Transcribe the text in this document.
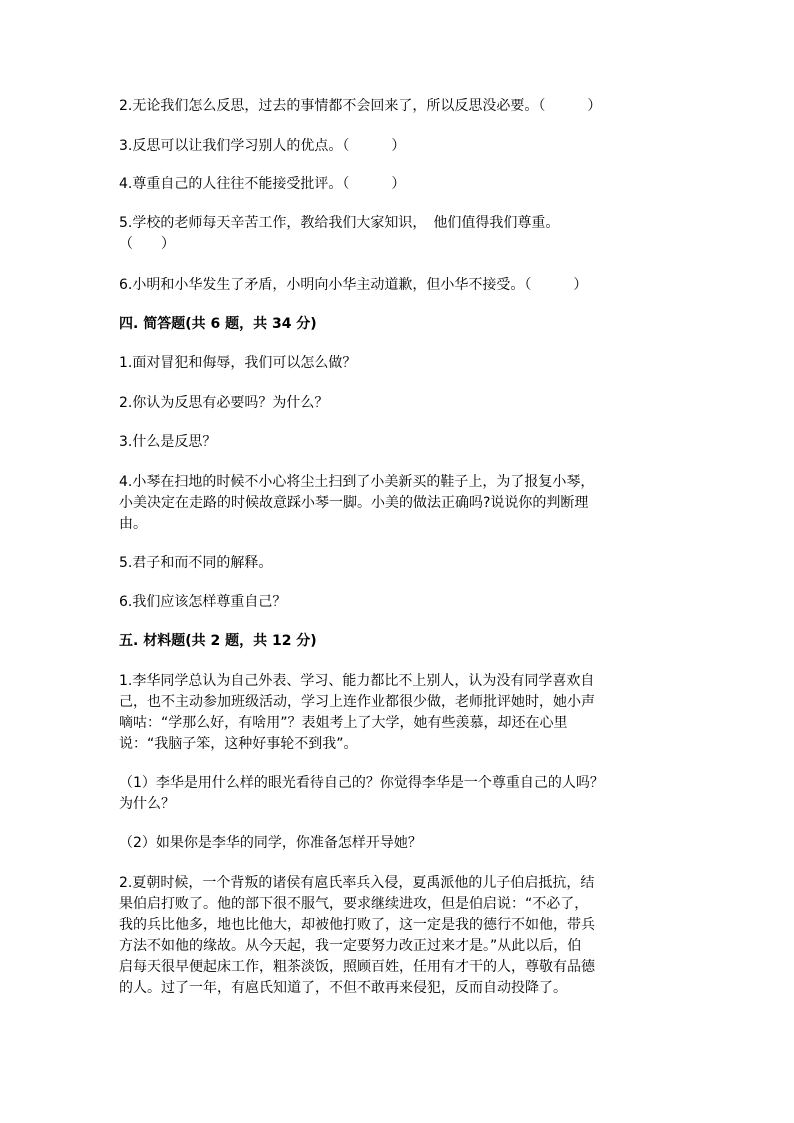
2.无论我们怎么反思，过去的事情都不会回来了，所以反思没必要。（　　　）
3.反思可以让我们学习别人的优点。（　　　）
4.尊重自己的人往往不能接受批评。（　　　）
5.学校的老师每天辛苦工作，教给我们大家知识，　他们值得我们尊重。
（　　）
6.小明和小华发生了矛盾，小明向小华主动道歉，但小华不接受。（　　　）
四. 简答题(共 6 题，共 34 分)
1.面对冒犯和侮辱，我们可以怎么做？
2.你认为反思有必要吗？为什么？
3.什么是反思？
4.小琴在扫地的时候不小心将尘土扫到了小美新买的鞋子上，为了报复小琴，
小美决定在走路的时候故意踩小琴一脚。小美的做法正确吗?说说你的判断理
由。
5.君子和而不同的解释。
6.我们应该怎样尊重自己？
五. 材料题(共 2 题，共 12 分)
1.李华同学总认为自己外表、学习、能力都比不上别人，认为没有同学喜欢自
己，也不主动参加班级活动，学习上连作业都很少做，老师批评她时，她小声
嘀咕：“学那么好，有啥用”？表姐考上了大学，她有些羡慕，却还在心里
说：“我脑子笨，这种好事轮不到我”。
（1）李华是用什么样的眼光看待自己的？你觉得李华是一个尊重自己的人吗？
为什么？
（2）如果你是李华的同学，你准备怎样开导她？
2.夏朝时候，一个背叛的诸侯有扈氏率兵入侵，夏禹派他的儿子伯启抵抗，结
果伯启打败了。他的部下很不服气，要求继续进攻，但是伯启说：“不必了，
我的兵比他多，地也比他大，却被他打败了，这一定是我的德行不如他，带兵
方法不如他的缘故。从今天起，我一定要努力改正过来才是。”从此以后，伯
启每天很早便起床工作，粗茶淡饭，照顾百姓，任用有才干的人，尊敬有品德
的人。过了一年，有扈氏知道了，不但不敢再来侵犯，反而自动投降了。
